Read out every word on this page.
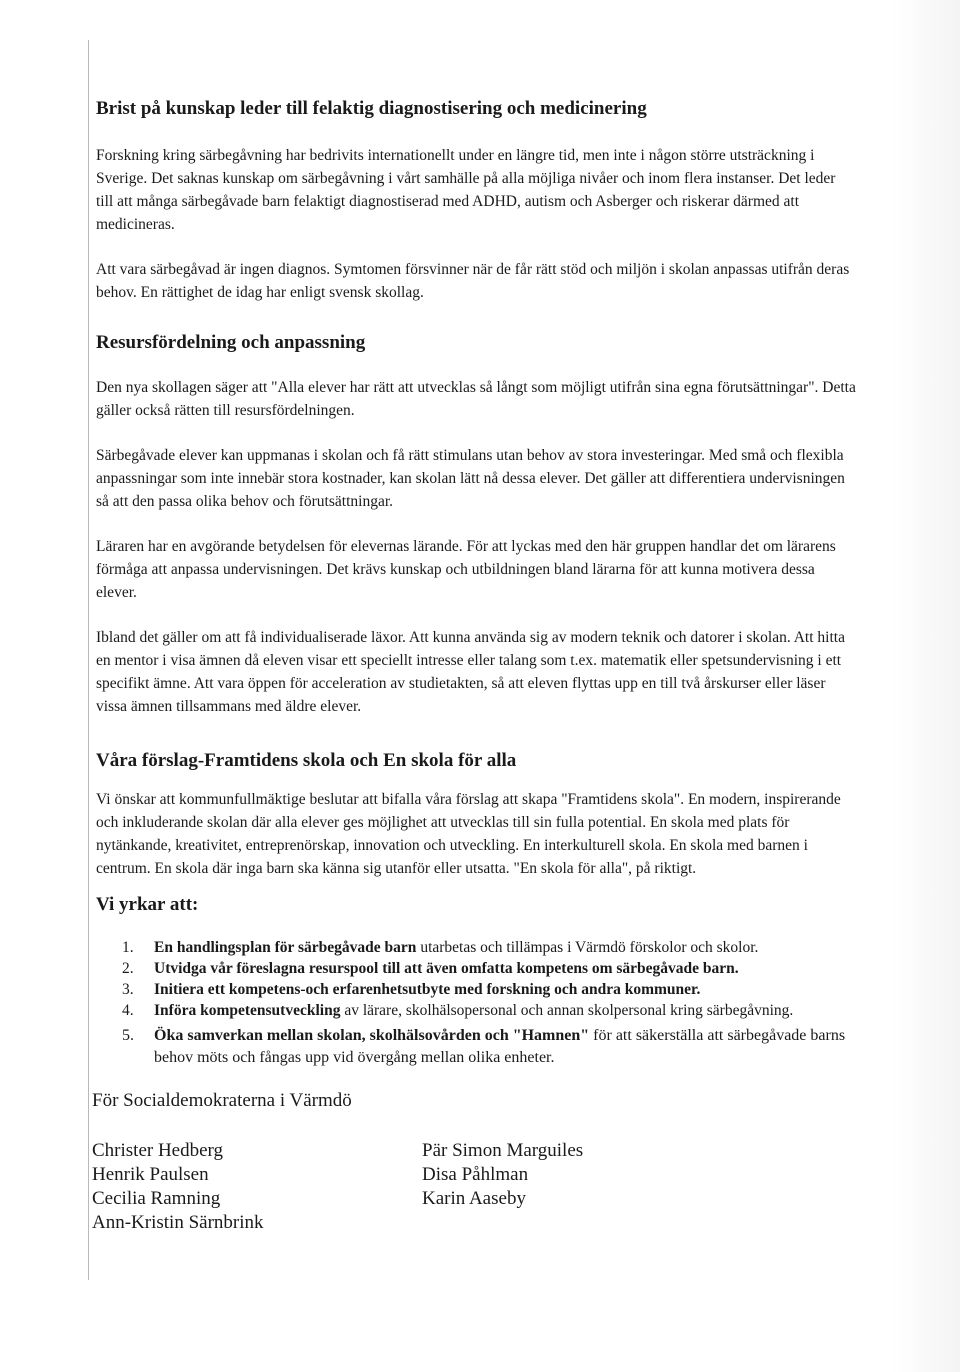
Brist på kunskap leder till felaktig diagnostisering och medicinering

Forskning kring särbegåvning har bedrivits internationellt under en längre tid, men inte i någon större utsträckning i Sverige. Det saknas kunskap om särbegåvning i vårt samhälle på alla möjliga nivåer och inom flera instanser. Det leder till att många särbegåvade barn felaktigt diagnostiserad med ADHD, autism och Asberger och riskerar därmed att medicineras.

Att vara särbegåvad är ingen diagnos. Symtomen försvinner när de får rätt stöd och miljön i skolan anpassas utifrån deras behov. En rättighet de idag har enligt svensk skollag.

Resursfördelning och anpassning

Den nya skollagen säger att "Alla elever har rätt att utvecklas så långt som möjligt utifrån sina egna förutsättningar". Detta gäller också rätten till resursfördelningen.

Särbegåvade elever kan uppmanas i skolan och få rätt stimulans utan behov av stora investeringar. Med små och flexibla anpassningar som inte innebär stora kostnader, kan skolan lätt nå dessa elever. Det gäller att differentiera undervisningen så att den passa olika behov och förutsättningar.

Läraren har en avgörande betydelsen för elevernas lärande. För att lyckas med den här gruppen handlar det om lärarens förmåga att anpassa undervisningen. Det krävs kunskap och utbildningen bland lärarna för att kunna motivera dessa elever.

Ibland det gäller om att få individualiserade läxor. Att kunna använda sig av modern teknik och datorer i skolan. Att hitta en mentor i visa ämnen då eleven visar ett speciellt intresse eller talang som t.ex. matematik eller spetsundervisning i ett specifikt ämne. Att vara öppen för acceleration av studietakten, så att eleven flyttas upp en till två årskurser eller läser vissa ämnen tillsammans med äldre elever.

Våra förslag-Framtidens skola och En skola för alla

Vi önskar att kommunfullmäktige beslutar att bifalla våra förslag att skapa "Framtidens skola". En modern, inspirerande och inkluderande skolan där alla elever ges möjlighet att utvecklas till sin fulla potential. En skola med plats för nytänkande, kreativitet, entreprenörskap, innovation och utveckling. En interkulturell skola. En skola med barnen i centrum. En skola där inga barn ska känna sig utanför eller utsatta. "En skola för alla", på riktigt.

Vi yrkar att:
1. En handlingsplan för särbegåvade barn utarbetas och tillämpas i Värmdö förskolor och skolor.
2. Utvidga vår föreslagna resurspool till att även omfatta kompetens om särbegåvade barn.
3. Initiera ett kompetens-och erfarenhetsutbyte med forskning och andra kommuner.
4. Införa kompetensutveckling av lärare, skolhälsopersonal och annan skolpersonal kring särbegåvning.
5. Öka samverkan mellan skolan, skolhälsovården och "Hamnen" för att säkerställa att särbegåvade barns behov möts och fångas upp vid övergång mellan olika enheter.
För Socialdemokraterna i Värmdö
Christer Hedberg
Henrik Paulsen
Cecilia Ramning
Ann-Kristin Särnbrink
Pär Simon Marguiles
Disa Påhlman
Karin Aaseby
